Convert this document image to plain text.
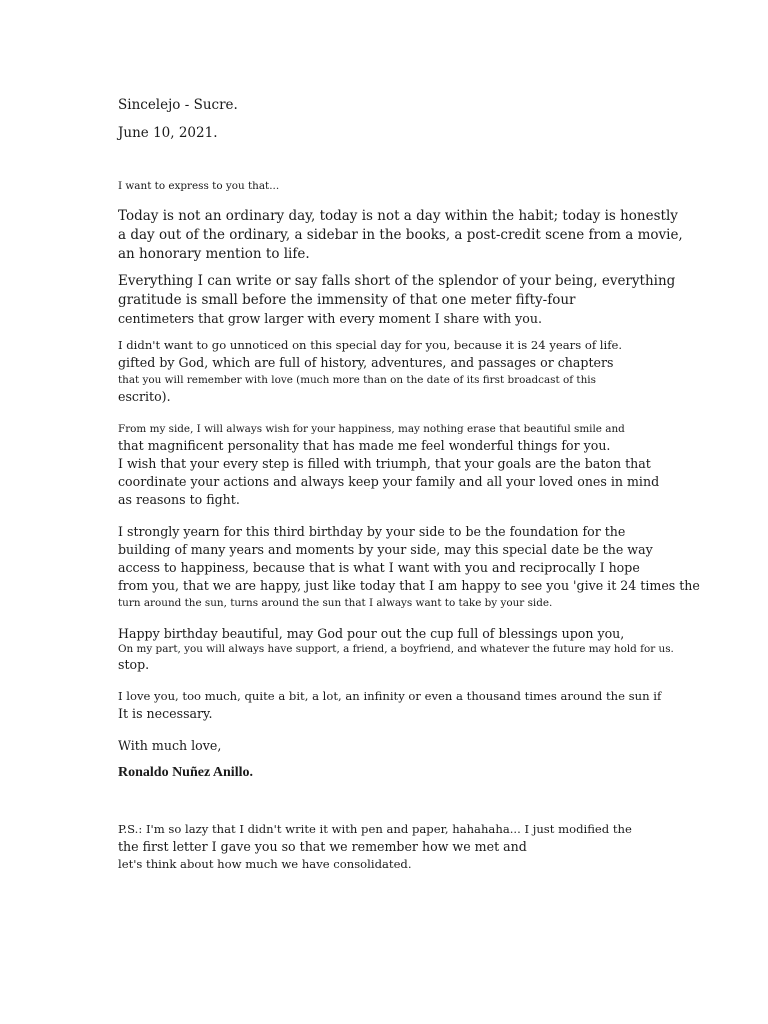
Sincelejo - Sucre.

June 10, 2021.

I want to express to you that...

Today is not an ordinary day, today is not a day within the habit; today is honestly
a day out of the ordinary, a sidebar in the books, a post-credit scene from a movie,
an honorary mention to life.

Everything I can write or say falls short of the splendor of your being, everything
gratitude is small before the immensity of that one meter fifty-four
centimeters that grow larger with every moment I share with you.

I didn't want to go unnoticed on this special day for you, because it is 24 years of life.
gifted by God, which are full of history, adventures, and passages or chapters
that you will remember with love (much more than on the date of its first broadcast of this
escrito).

From my side, I will always wish for your happiness, may nothing erase that beautiful smile and
that magnificent personality that has made me feel wonderful things for you.
I wish that your every step is filled with triumph, that your goals are the baton that
coordinate your actions and always keep your family and all your loved ones in mind
as reasons to fight.

I strongly yearn for this third birthday by your side to be the foundation for the
building of many years and moments by your side, may this special date be the way
access to happiness, because that is what I want with you and reciprocally I hope
from you, that we are happy, just like today that I am happy to see you 'give it 24 times the
turn around the sun, turns around the sun that I always want to take by your side.

Happy birthday beautiful, may God pour out the cup full of blessings upon you,
On my part, you will always have support, a friend, a boyfriend, and whatever the future may hold for us.
stop.

I love you, too much, quite a bit, a lot, an infinity or even a thousand times around the sun if
It is necessary.

With much love,

Ronaldo Nuñez Anillo.

P.S.: I'm so lazy that I didn't write it with pen and paper, hahahaha... I just modified the
the first letter I gave you so that we remember how we met and
let's think about how much we have consolidated.
